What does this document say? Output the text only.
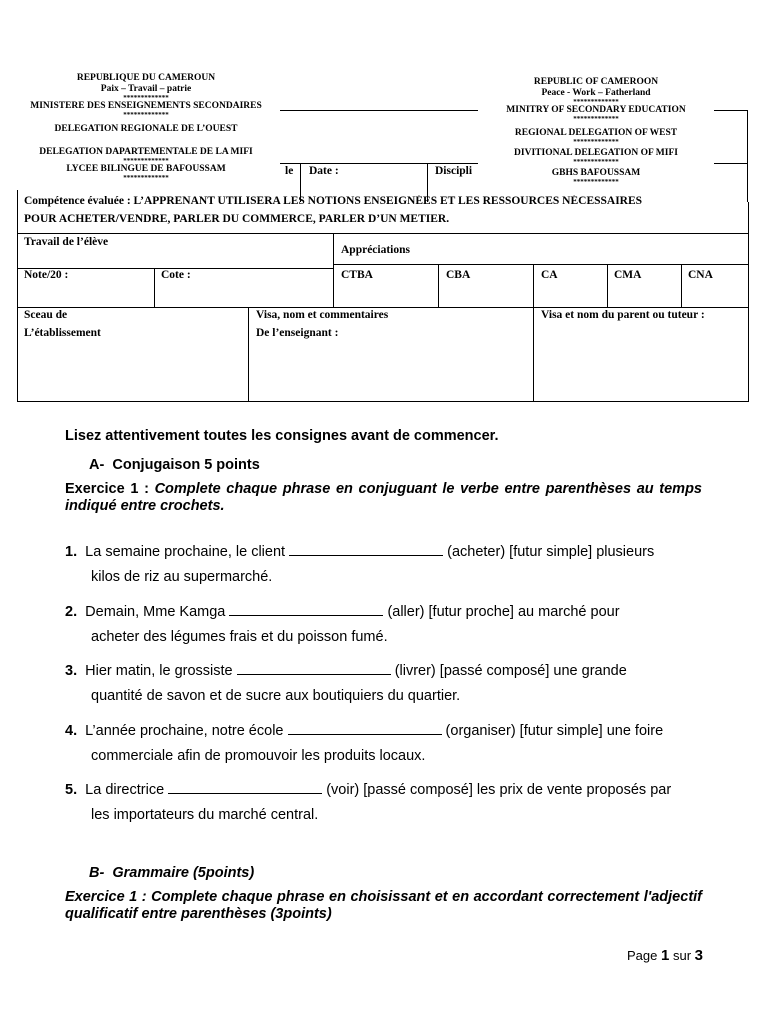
REPUBLIQUE DU CAMEROUN
Paix – Travail – patrie
*************
MINISTERE DES ENSEIGNEMENTS SECONDAIRES
*************
DELEGATION REGIONALE DE L’OUEST
DELEGATION DAPARTEMENTALE DE LA MIFI
*************
LYCEE BILINGUE DE BAFOUSSAM
*************
REPUBLIC OF CAMEROON
Peace - Work – Fatherland
*************
MINITRY OF SECONDARY EDUCATION
*************
REGIONAL DELEGATION OF WEST
*************
DIVITIONAL DELEGATION OF MIFI
*************
GBHS BAFOUSSAM
*************
le Date :	Discipli
Compétence évaluée : L’APPRENANT UTILISERA LES NOTIONS ENSEIGNÉES ET LES RESSOURCES NÉCESSAIRES
POUR ACHETER/VENDRE, PARLER DU COMMERCE, PARLER D’UN METIER.
Travail de l’élève
Appréciations
Note/20 :	Cote :	CTBA	CBA	CA	CMA	CNA
Sceau de
L’établissement
Visa, nom et commentaires
De l’enseignant :
Visa et nom du parent ou tuteur :
Lisez attentivement toutes les consignes avant de commencer.
A- Conjugaison 5 points
Exercice 1 : Complete chaque phrase en conjuguant le verbe entre parenthèses au temps indiqué entre crochets.
1. La semaine prochaine, le client	(acheter) [futur simple] plusieurs
kilos de riz au supermarché.
2. Demain, Mme Kamga	(aller) [futur proche] au marché pour
acheter des légumes frais et du poisson fumé.
3. Hier matin, le grossiste	(livrer) [passé composé] une grande
quantité de savon et de sucre aux boutiquiers du quartier.
4. L’année prochaine, notre école	(organiser) [futur simple] une foire
commerciale afin de promouvoir les produits locaux.
5. La directrice	(voir) [passé composé] les prix de vente proposés par
les importateurs du marché central.
B- Grammaire (5points)
Exercice 1 : Complete chaque phrase en choisissant et en accordant correctement l'adjectif qualificatif entre parenthèses (3points)
Page 1 sur 3
